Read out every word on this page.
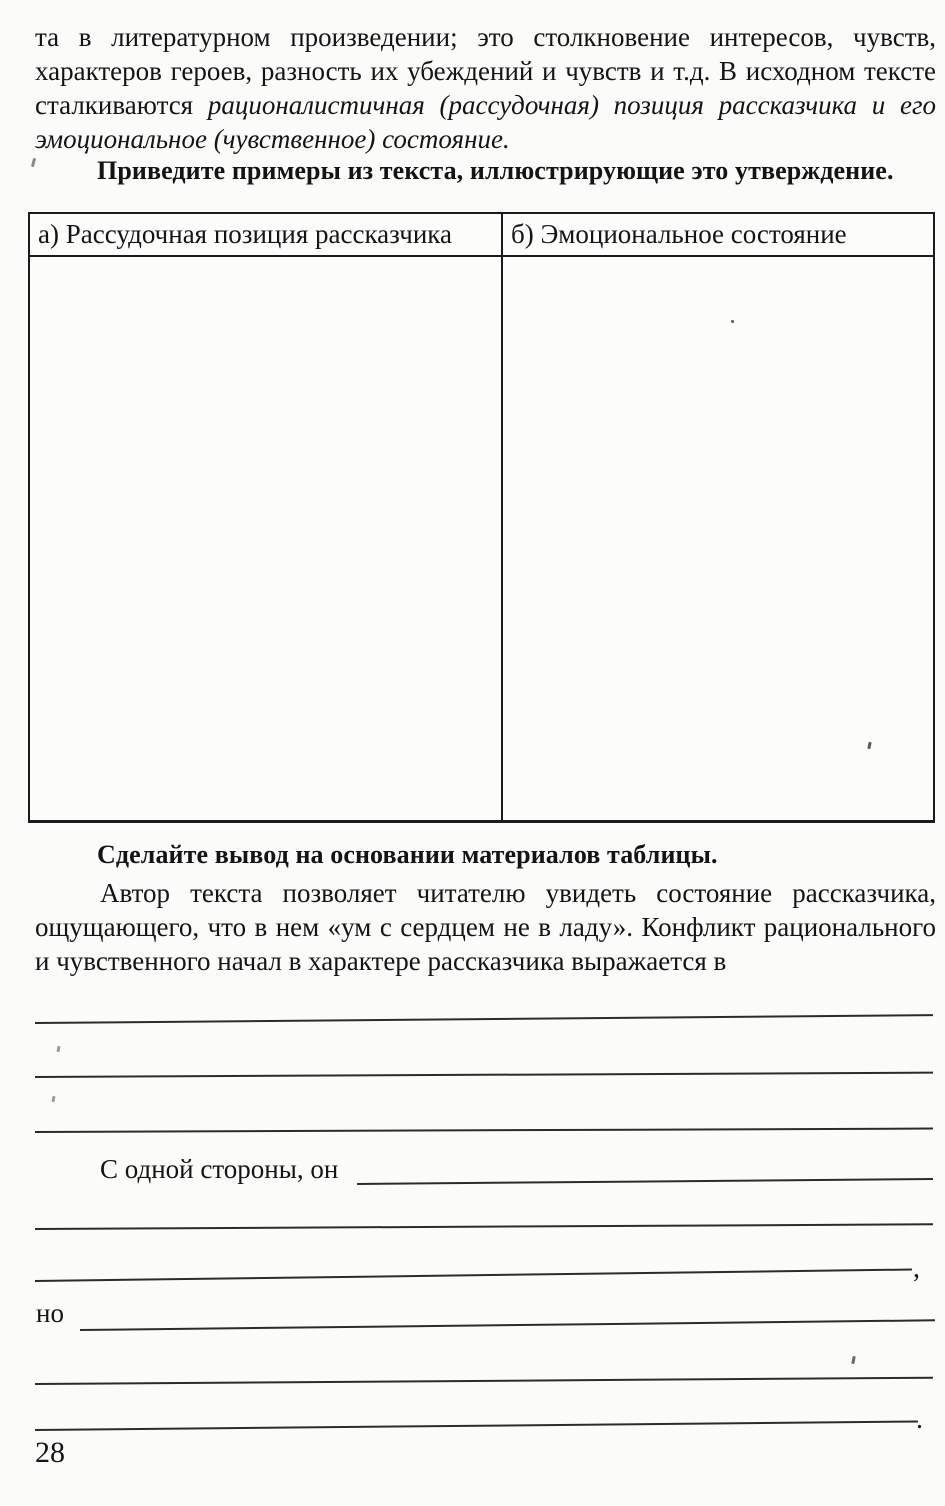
та в литературном произведении; это столкновение интересов, чувств, характеров героев, разность их убеждений и чувств и т.д. В исходном тексте сталкиваются рационалистичная (рассудочная) позиция рассказчика и его эмоциональное (чувственное) состояние.
Приведите примеры из текста, иллюстрирующие это утверждение.
а) Рассудочная позиция рассказчика	б) Эмоциональное состояние
Сделайте вывод на основании материалов таблицы.
Автор текста позволяет читателю увидеть состояние рассказчика, ощущающего, что в нем «ум с сердцем не в ладу». Конфликт рационального и чувственного начал в характере рассказчика выражается в
С одной стороны, он
,
но
.
28
